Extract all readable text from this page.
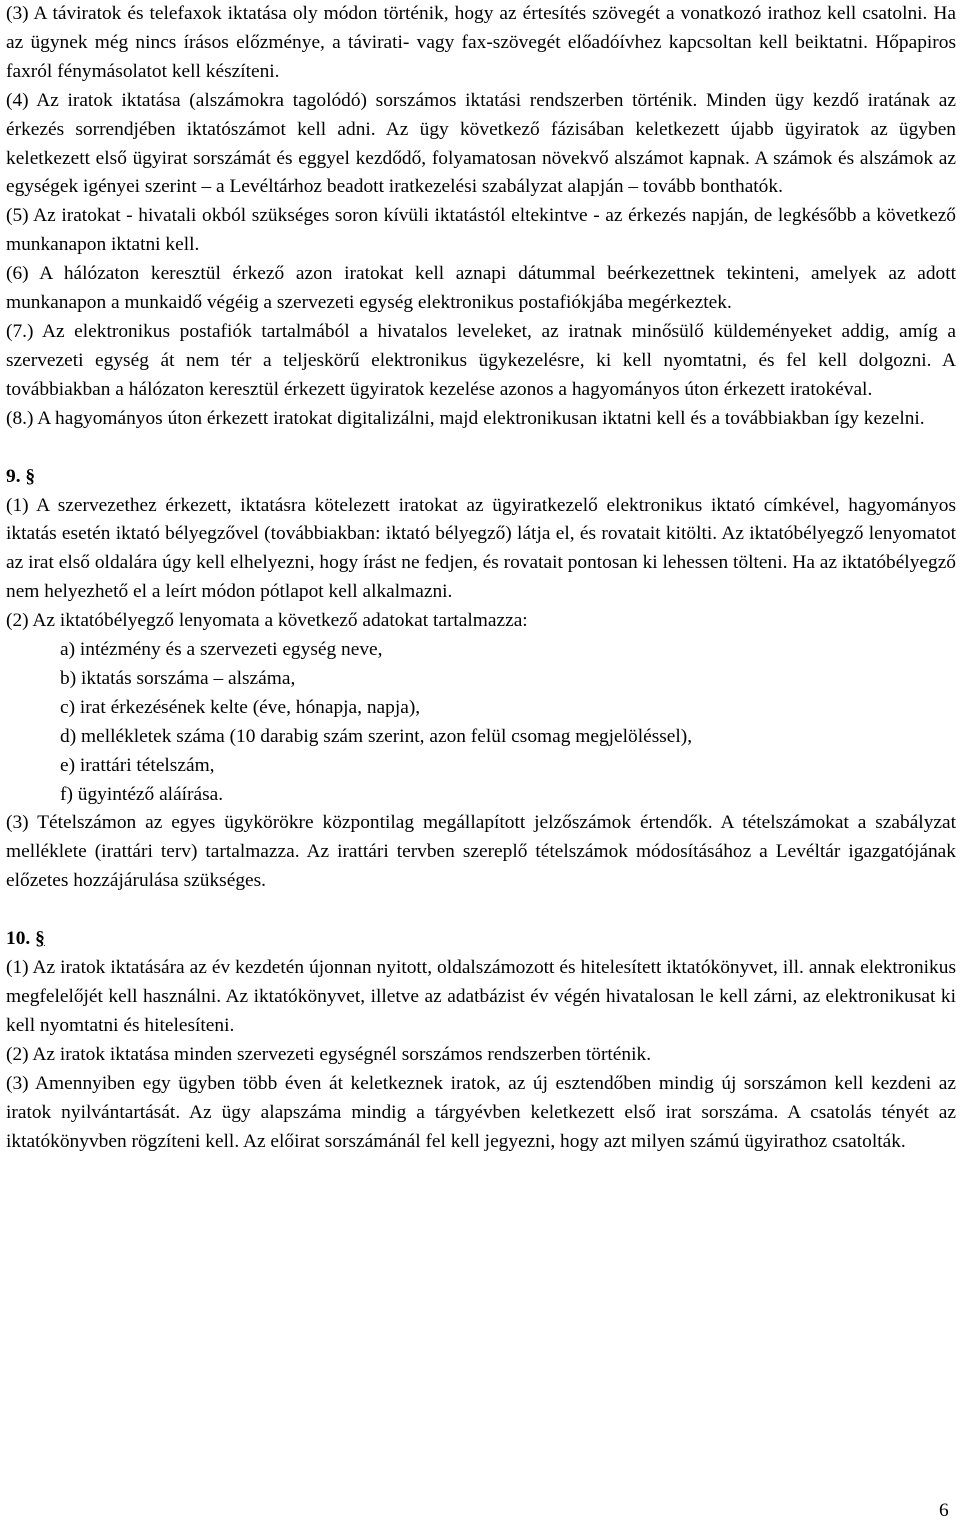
(3) A táviratok és telefaxok iktatása oly módon történik, hogy az értesítés szövegét a vonatkozó irathoz kell csatolni. Ha az ügynek még nincs írásos előzménye, a távirati- vagy fax-szövegét előadóívhez kapcsoltan kell beiktatni. Hőpapiros faxról fénymásolatot kell készíteni.

(4) Az iratok iktatása (alszámokra tagolódó) sorszámos iktatási rendszerben történik. Minden ügy kezdő iratának az érkezés sorrendjében iktatószámot kell adni. Az ügy következő fázisában keletkezett újabb ügyiratok az ügyben keletkezett első ügyirat sorszámát és eggyel kezdődő, folyamatosan növekvő alszámot kapnak. A számok és alszámok az egységek igényei szerint – a Levéltárhoz beadott iratkezelési szabályzat alapján – tovább bonthatók.

(5) Az iratokat - hivatali okból szükséges soron kívüli iktatástól eltekintve - az érkezés napján, de legkésőbb a következő munkanapon iktatni kell.

(6) A hálózaton keresztül érkező azon iratokat kell aznapi dátummal beérkezettnek tekinteni, amelyek az adott munkanapon a munkaidő végéig a szervezeti egység elektronikus postafiókjába megérkeztek.

(7.) Az elektronikus postafiók tartalmából a hivatalos leveleket, az iratnak minősülő küldeményeket addig, amíg a szervezeti egység át nem tér a teljeskörű elektronikus ügykezelésre, ki kell nyomtatni, és fel kell dolgozni. A továbbiakban a hálózaton keresztül érkezett ügyiratok kezelése azonos a hagyományos úton érkezett iratokéval.

(8.) A hagyományos úton érkezett iratokat digitalizálni, majd elektronikusan iktatni kell és a továbbiakban így kezelni.

9. §

(1) A szervezethez érkezett, iktatásra kötelezett iratokat az ügyiratkezelő elektronikus iktató címkével, hagyományos iktatás esetén iktató bélyegzővel (továbbiakban: iktató bélyegző) látja el, és rovatait kitölti. Az iktatóbélyegző lenyomatot az irat első oldalára úgy kell elhelyezni, hogy írást ne fedjen, és rovatait pontosan ki lehessen tölteni. Ha az iktatóbélyegző nem helyezhető el a leírt módon pótlapot kell alkalmazni.

(2) Az iktatóbélyegző lenyomata a következő adatokat tartalmazza:

a) intézmény és a szervezeti egység neve,
b) iktatás sorszáma – alszáma,
c) irat érkezésének kelte (éve, hónapja, napja),
d) mellékletek száma (10 darabig szám szerint, azon felül csomag megjelöléssel),
e) irattári tételszám,
f) ügyintéző aláírása.

(3) Tételszámon az egyes ügykörökre központilag megállapított jelzőszámok értendők. A tételszámokat a szabályzat melléklete (irattári terv) tartalmazza. Az irattári tervben szereplő tételszámok módosításához a Levéltár igazgatójának előzetes hozzájárulása szükséges.

10. §

(1) Az iratok iktatására az év kezdetén újonnan nyitott, oldalszámozott és hitelesített iktatókönyvet, ill. annak elektronikus megfelelőjét kell használni. Az iktatókönyvet, illetve az adatbázist év végén hivatalosan le kell zárni, az elektronikusat ki kell nyomtatni és hitelesíteni.

(2) Az iratok iktatása minden szervezeti egységnél sorszámos rendszerben történik.

(3) Amennyiben egy ügyben több éven át keletkeznek iratok, az új esztendőben mindig új sorszámon kell kezdeni az iratok nyilvántartását. Az ügy alapszáma mindig a tárgyévben keletkezett első irat sorszáma. A csatolás tényét az iktatókönyvben rögzíteni kell. Az előirat sorszámánál fel kell jegyezni, hogy azt milyen számú ügyirathoz csatolták.

6
